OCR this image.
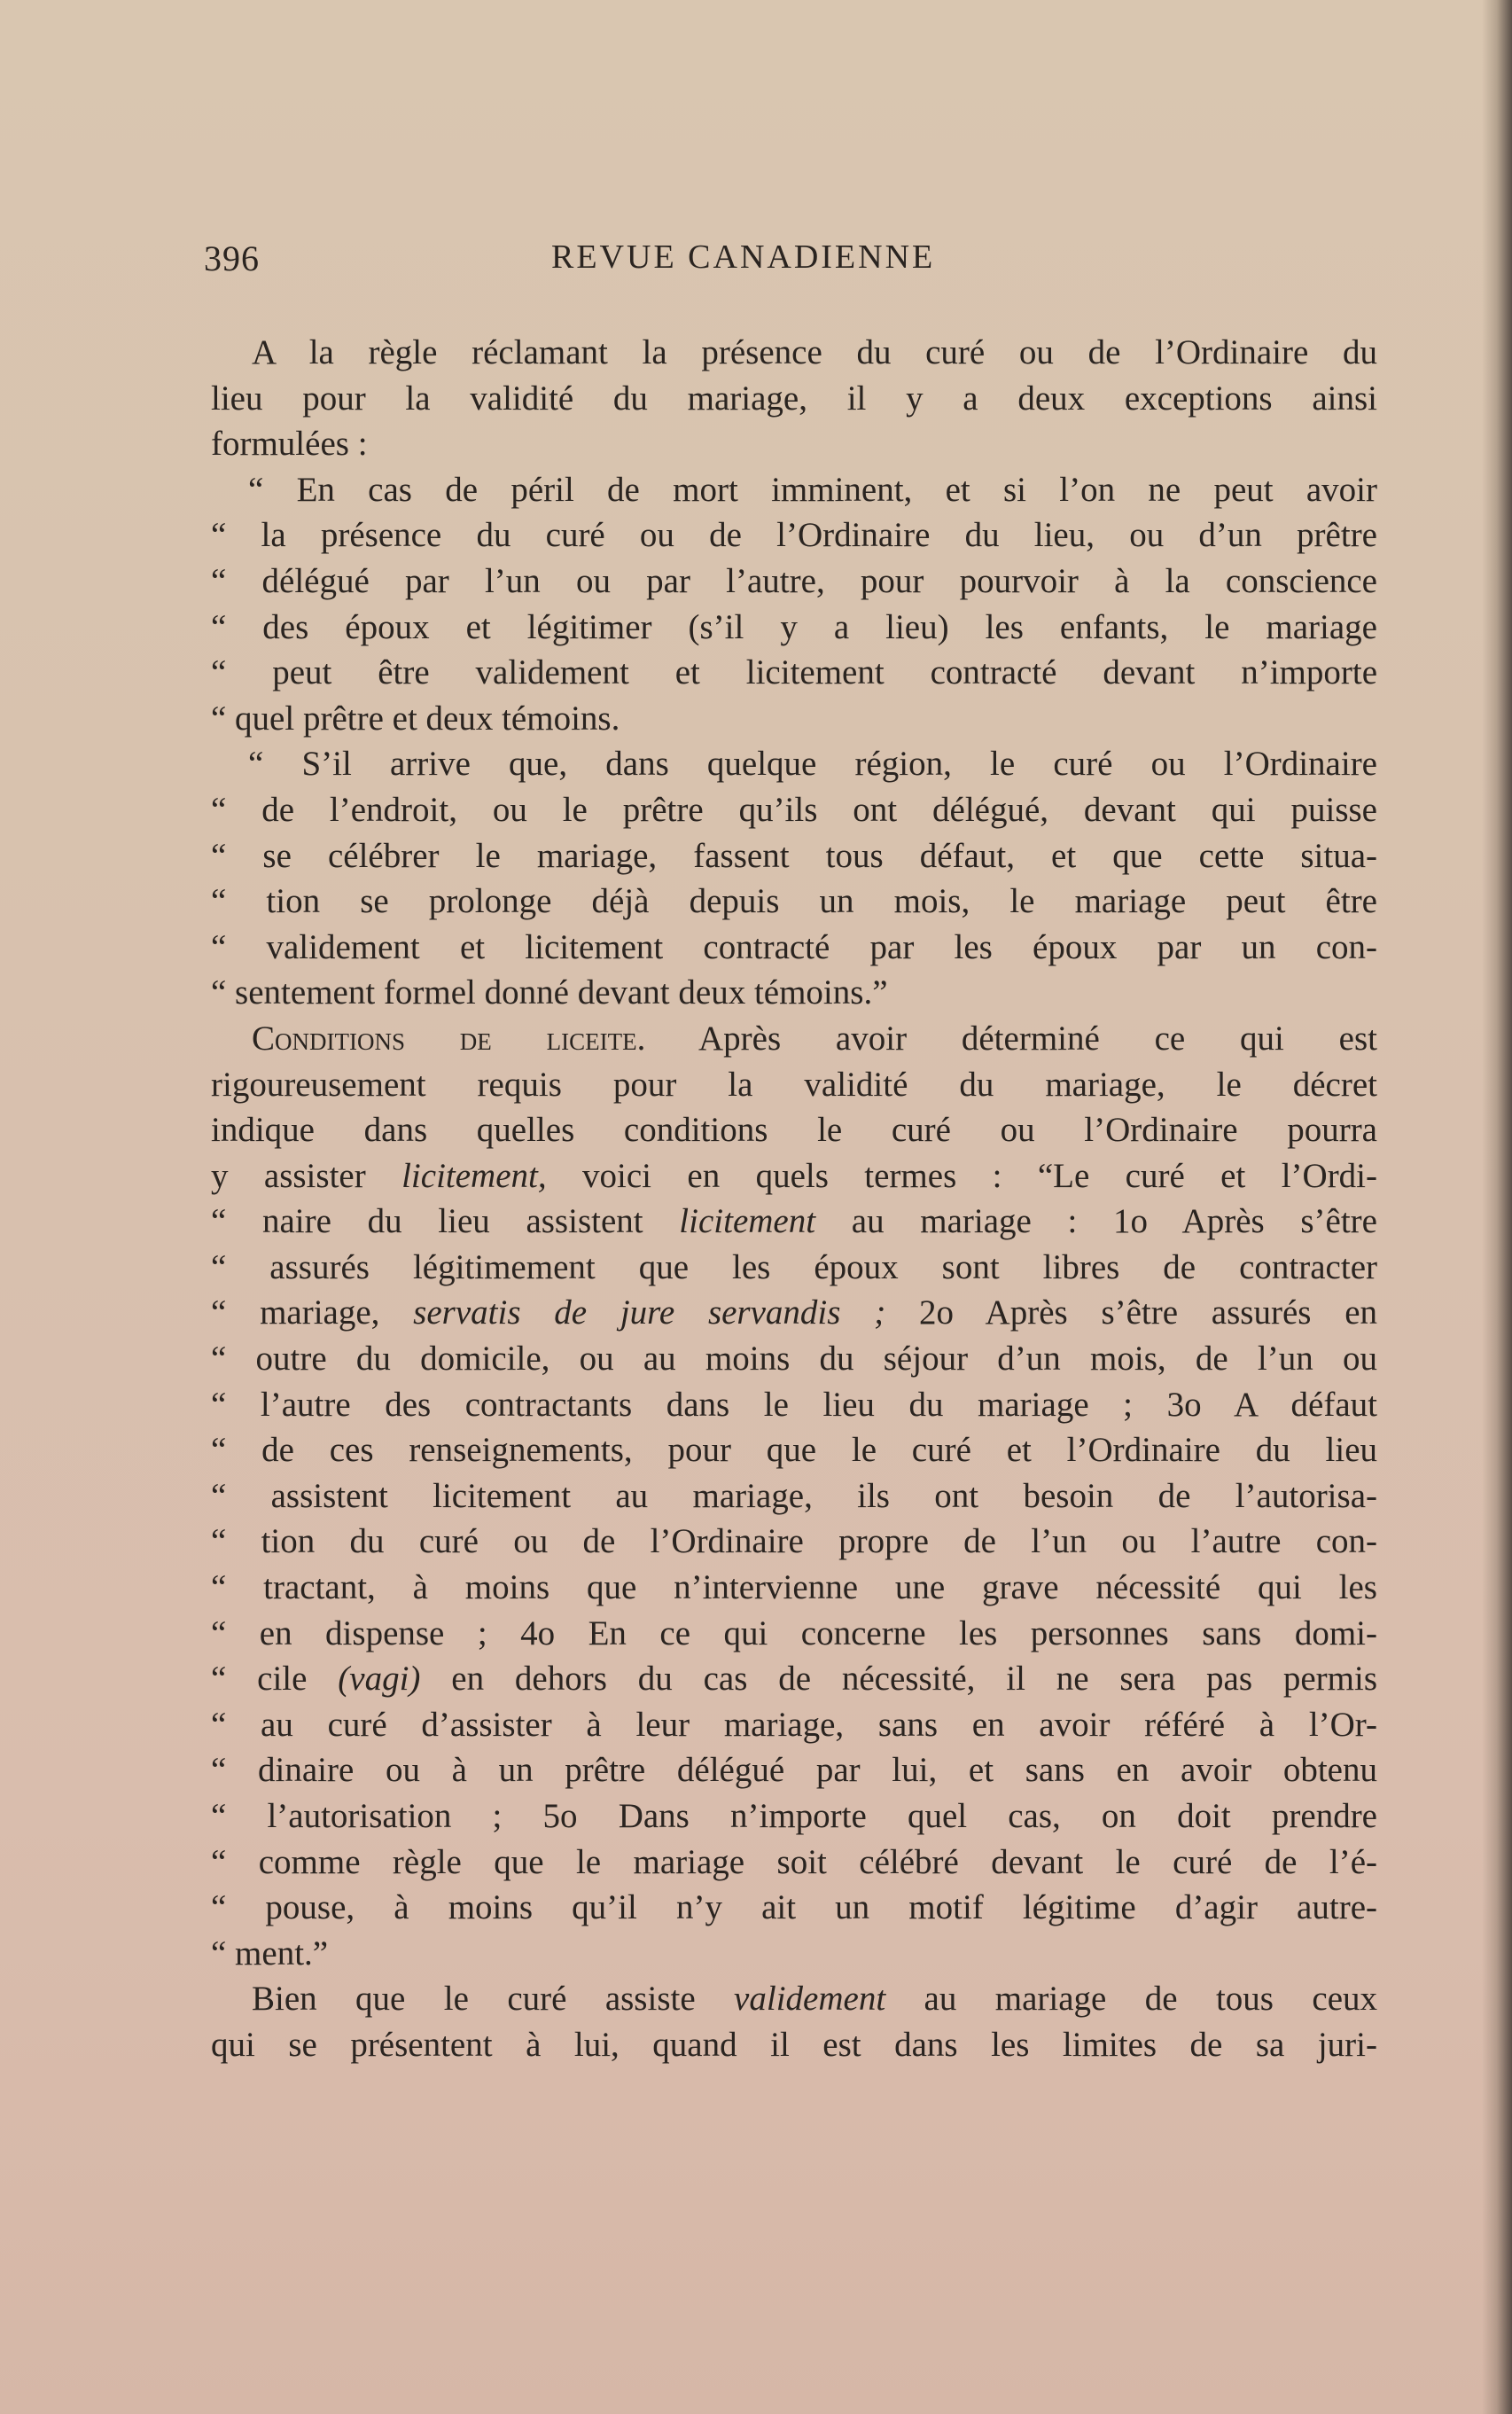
396	REVUE CANADIENNE
A la règle réclamant la présence du curé ou de l’Ordinaire du
lieu pour la validité du mariage, il y a deux exceptions ainsi
formulées :
“ En cas de péril de mort imminent, et si l’on ne peut avoir
“ la présence du curé ou de l’Ordinaire du lieu, ou d’un prêtre
“ délégué par l’un ou par l’autre, pour pourvoir à la conscience
“ des époux et légitimer (s’il y a lieu) les enfants, le mariage
“ peut être validement et licitement contracté devant n’importe
“ quel prêtre et deux témoins.
“ S’il arrive que, dans quelque région, le curé ou l’Ordinaire
“ de l’endroit, ou le prêtre qu’ils ont délégué, devant qui puisse
“ se célébrer le mariage, fassent tous défaut, et que cette situa-
“ tion se prolonge déjà depuis un mois, le mariage peut être
“ validement et licitement contracté par les époux par un con-
“ sentement formel donné devant deux témoins.”
Conditions de liceite. Après avoir déterminé ce qui est
rigoureusement requis pour la validité du mariage, le décret
indique dans quelles conditions le curé ou l’Ordinaire pourra
y assister licitement, voici en quels termes : “Le curé et l’Ordi-
“ naire du lieu assistent licitement au mariage : 1o Après s’être
“ assurés légitimement que les époux sont libres de contracter
“ mariage, servatis de jure servandis ; 2o Après s’être assurés en
“ outre du domicile, ou au moins du séjour d’un mois, de l’un ou
“ l’autre des contractants dans le lieu du mariage ; 3o A défaut
“ de ces renseignements, pour que le curé et l’Ordinaire du lieu
“ assistent licitement au mariage, ils ont besoin de l’autorisa-
“ tion du curé ou de l’Ordinaire propre de l’un ou l’autre con-
“ tractant, à moins que n’intervienne une grave nécessité qui les
“ en dispense ; 4o En ce qui concerne les personnes sans domi-
“ cile (vagi) en dehors du cas de nécessité, il ne sera pas permis
“ au curé d’assister à leur mariage, sans en avoir référé à l’Or-
“ dinaire ou à un prêtre délégué par lui, et sans en avoir obtenu
“ l’autorisation ; 5o Dans n’importe quel cas, on doit prendre
“ comme règle que le mariage soit célébré devant le curé de l’é-
“ pouse, à moins qu’il n’y ait un motif légitime d’agir autre-
“ ment.”
Bien que le curé assiste validement au mariage de tous ceux
qui se présentent à lui, quand il est dans les limites de sa juri-
